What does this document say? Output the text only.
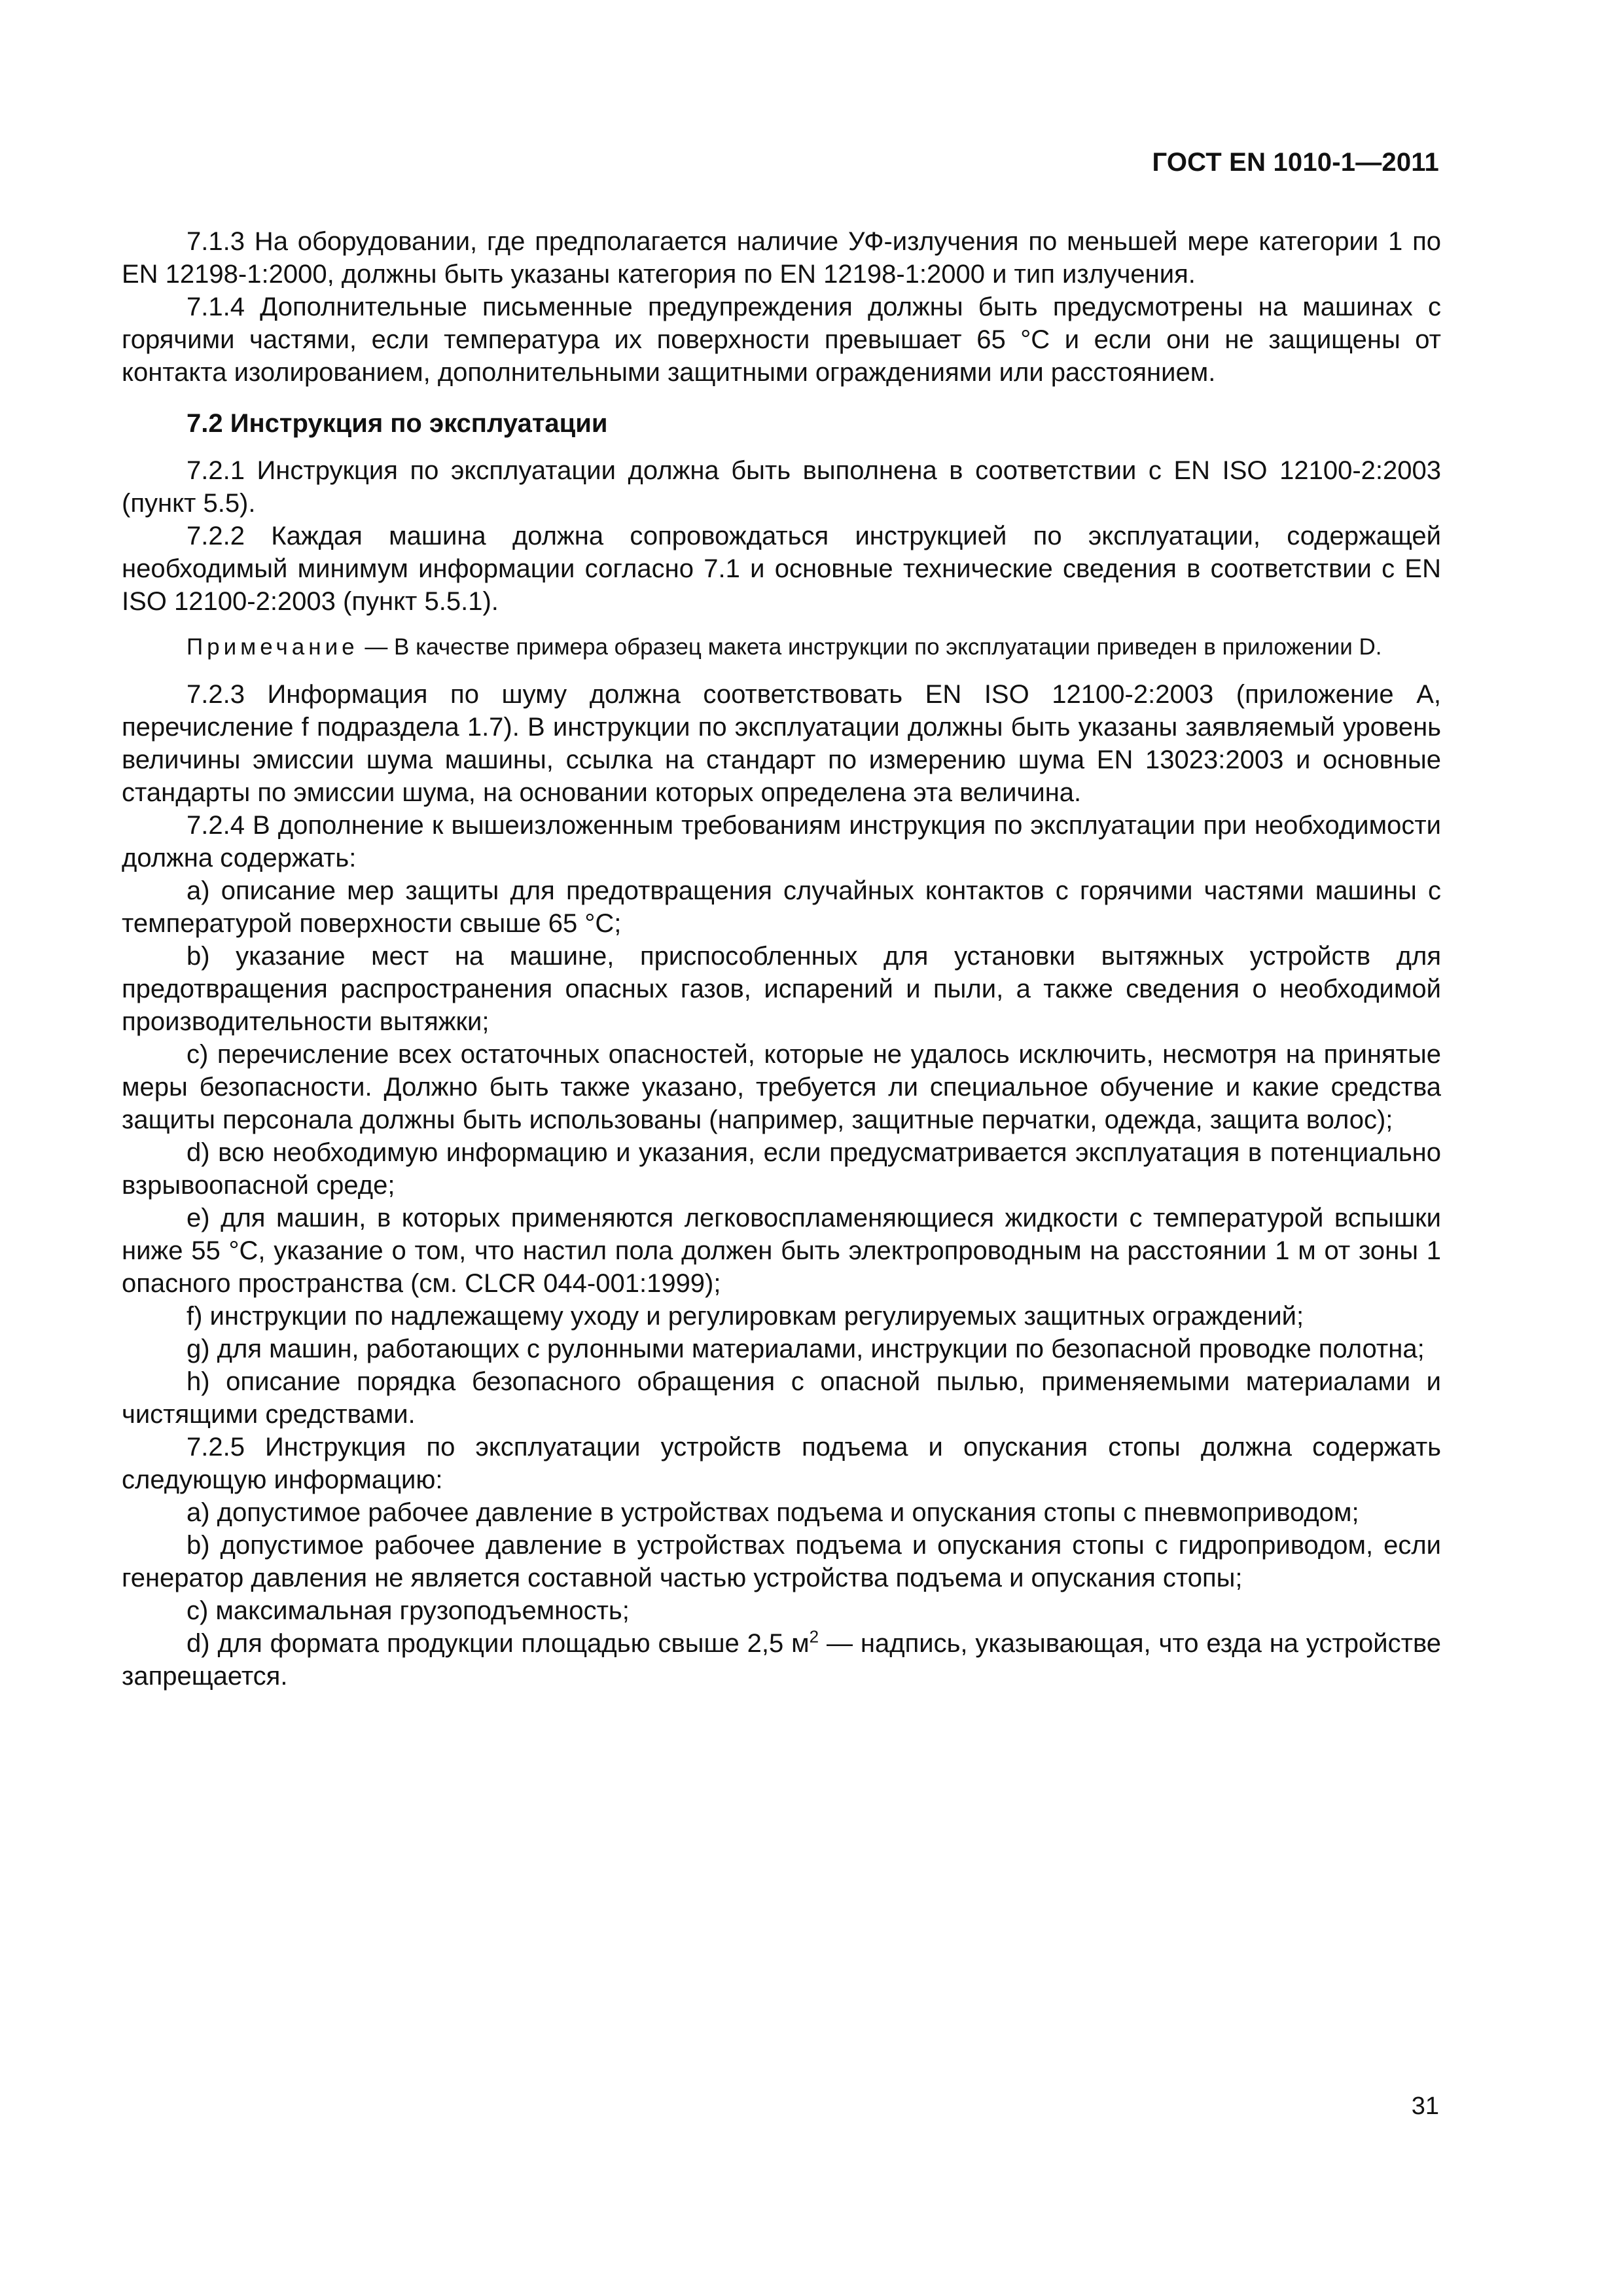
ГОСТ EN 1010-1—2011

7.1.3 На оборудовании, где предполагается наличие УФ-излучения по меньшей мере категории 1 по EN 12198-1:2000, должны быть указаны категория по EN 12198-1:2000 и тип излучения.

7.1.4 Дополнительные письменные предупреждения должны быть предусмотрены на машинах с горячими частями, если температура их поверхности превышает 65 °C и если они не защищены от контакта изолированием, дополнительными защитными ограждениями или расстоянием.

7.2 Инструкция по эксплуатации

7.2.1 Инструкция по эксплуатации должна быть выполнена в соответствии с EN ISO 12100-2:2003 (пункт 5.5).

7.2.2 Каждая машина должна сопровождаться инструкцией по эксплуатации, содержащей необходимый минимум информации согласно 7.1 и основные технические сведения в соответствии с EN ISO 12100-2:2003 (пункт 5.5.1).

Примечание — В качестве примера образец макета инструкции по эксплуатации приведен в приложении D.

7.2.3 Информация по шуму должна соответствовать EN ISO 12100-2:2003 (приложение А, перечисление f подраздела 1.7). В инструкции по эксплуатации должны быть указаны заявляемый уровень величины эмиссии шума машины, ссылка на стандарт по измерению шума EN 13023:2003 и основные стандарты по эмиссии шума, на основании которых определена эта величина.

7.2.4 В дополнение к вышеизложенным требованиям инструкция по эксплуатации при необходимости должна содержать:

a) описание мер защиты для предотвращения случайных контактов с горячими частями машины с температурой поверхности свыше 65 °C;

b) указание мест на машине, приспособленных для установки вытяжных устройств для предотвращения распространения опасных газов, испарений и пыли, а также сведения о необходимой производительности вытяжки;

c) перечисление всех остаточных опасностей, которые не удалось исключить, несмотря на принятые меры безопасности. Должно быть также указано, требуется ли специальное обучение и какие средства защиты персонала должны быть использованы (например, защитные перчатки, одежда, защита волос);

d) всю необходимую информацию и указания, если предусматривается эксплуатация в потенциально взрывоопасной среде;

e) для машин, в которых применяются легковоспламеняющиеся жидкости с температурой вспышки ниже 55 °C, указание о том, что настил пола должен быть электропроводным на расстоянии 1 м от зоны 1 опасного пространства (см. CLCR 044-001:1999);

f) инструкции по надлежащему уходу и регулировкам регулируемых защитных ограждений;

g) для машин, работающих с рулонными материалами, инструкции по безопасной проводке полотна;

h) описание порядка безопасного обращения с опасной пылью, применяемыми материалами и чистящими средствами.

7.2.5 Инструкция по эксплуатации устройств подъема и опускания стопы должна содержать следующую информацию:

a) допустимое рабочее давление в устройствах подъема и опускания стопы с пневмоприводом;

b) допустимое рабочее давление в устройствах подъема и опускания стопы с гидроприводом, если генератор давления не является составной частью устройства подъема и опускания стопы;

c) максимальная грузоподъемность;

d) для формата продукции площадью свыше 2,5 $м^2$ — надпись, указывающая, что езда на устройстве запрещается.

31
